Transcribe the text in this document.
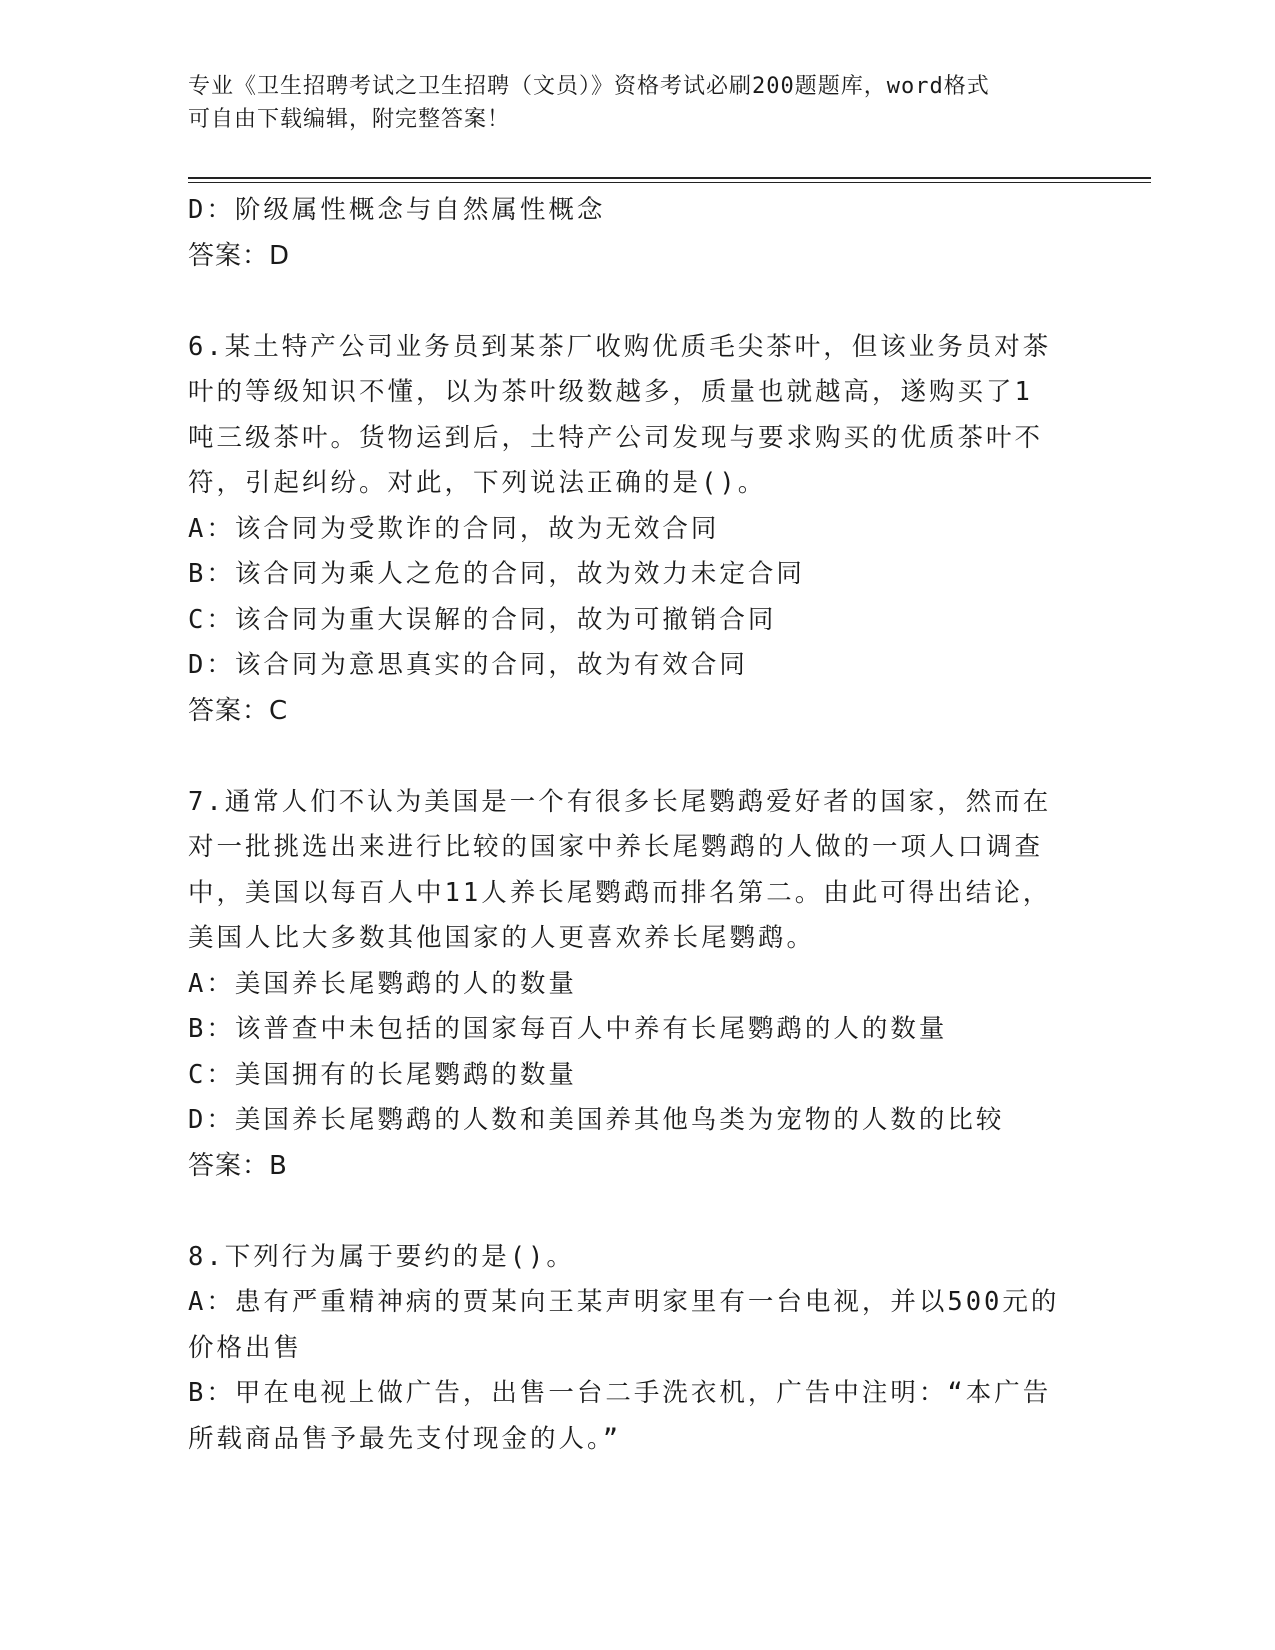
专业《卫生招聘考试之卫生招聘（文员）》资格考试必刷200题题库，word格式
可自由下载编辑，附完整答案！
D：阶级属性概念与自然属性概念
答案：D
6.某土特产公司业务员到某茶厂收购优质毛尖茶叶，但该业务员对茶
叶的等级知识不懂，以为茶叶级数越多，质量也就越高，遂购买了1
吨三级茶叶。货物运到后，土特产公司发现与要求购买的优质茶叶不
符，引起纠纷。对此，下列说法正确的是()。
A：该合同为受欺诈的合同，故为无效合同
B：该合同为乘人之危的合同，故为效力未定合同
C：该合同为重大误解的合同，故为可撤销合同
D：该合同为意思真实的合同，故为有效合同
答案：C
7.通常人们不认为美国是一个有很多长尾鹦鹉爱好者的国家，然而在
对一批挑选出来进行比较的国家中养长尾鹦鹉的人做的一项人口调查
中，美国以每百人中11人养长尾鹦鹉而排名第二。由此可得出结论，
美国人比大多数其他国家的人更喜欢养长尾鹦鹉。
A：美国养长尾鹦鹉的人的数量
B：该普查中未包括的国家每百人中养有长尾鹦鹉的人的数量
C：美国拥有的长尾鹦鹉的数量
D：美国养长尾鹦鹉的人数和美国养其他鸟类为宠物的人数的比较
答案：B
8.下列行为属于要约的是()。
A：患有严重精神病的贾某向王某声明家里有一台电视，并以500元的
价格出售
B：甲在电视上做广告，出售一台二手洗衣机，广告中注明：“本广告
所载商品售予最先支付现金的人。”
